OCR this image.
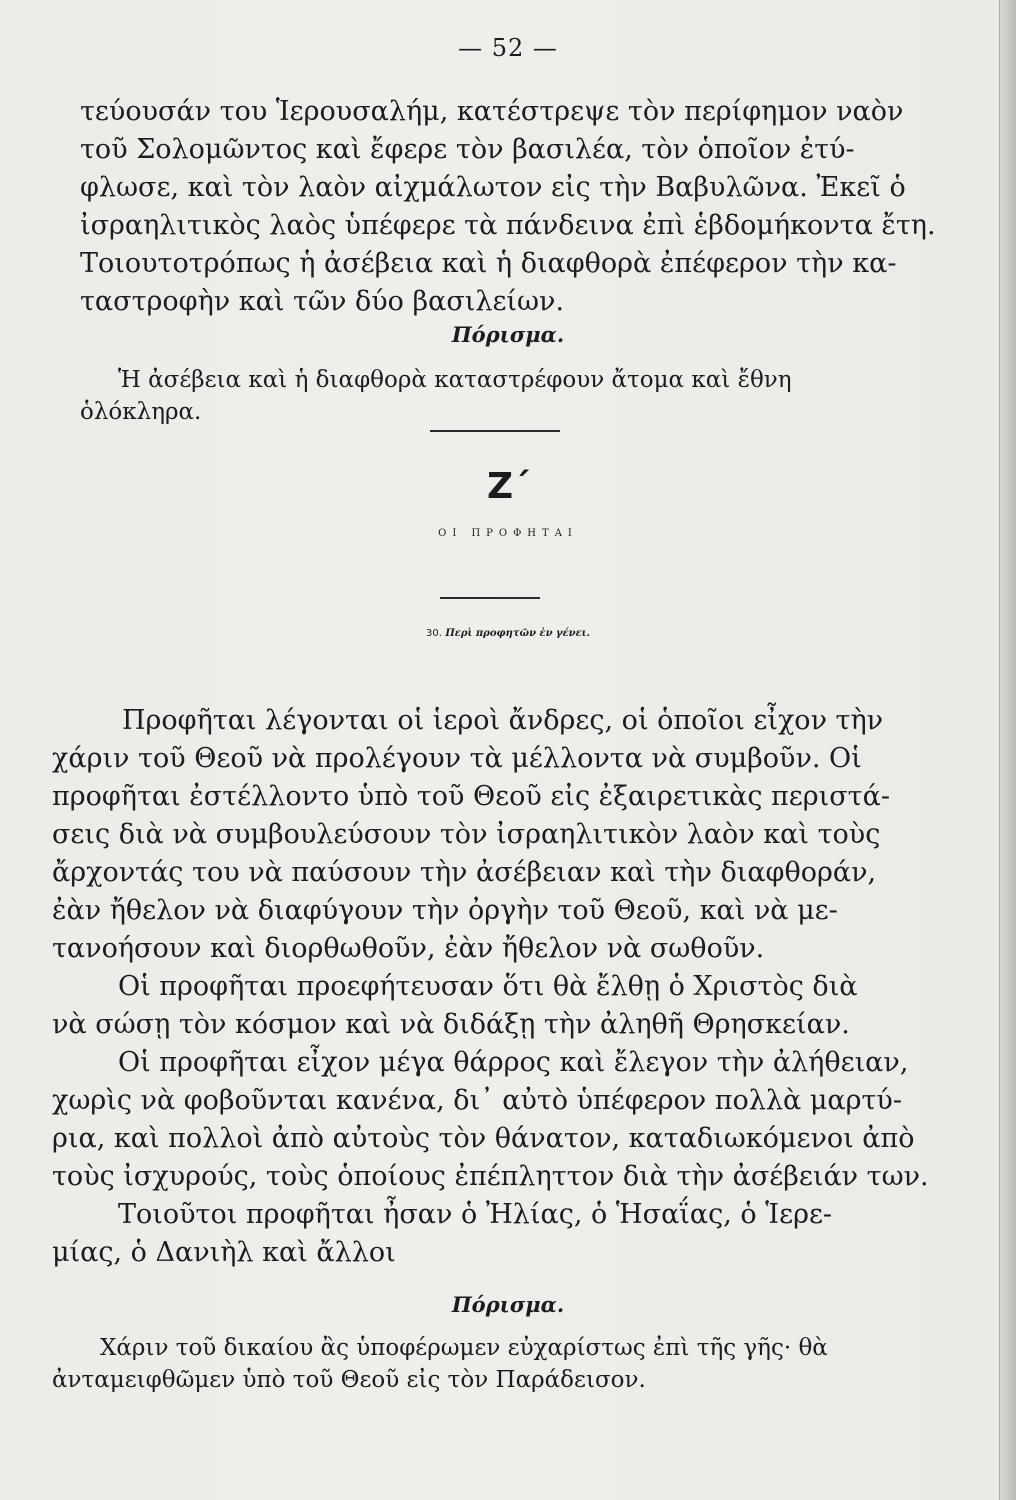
— 52 —
τεύουσάν του Ἱερουσαλήμ, κατέστρεψε τὸν περίφημον ναὸν
τοῦ Σολομῶντος καὶ ἔφερε τὸν βασιλέα, τὸν ὁποῖον ἐτύ-
φλωσε, καὶ τὸν λαὸν αἰχμάλωτον εἰς τὴν Βαβυλῶνα. Ἐκεῖ ὁ
ἰσραηλιτικὸς λαὸς ὑπέφερε τὰ πάνδεινα ἐπὶ ἑβδομήκοντα ἔτη.
Τοιουτοτρόπως ἡ ἀσέβεια καὶ ἡ διαφθορὰ ἐπέφερον τὴν κα-
ταστροφὴν καὶ τῶν δύο βασιλείων.
Πόρισμα.
Ἡ ἀσέβεια καὶ ἡ διαφθορὰ καταστρέφουν ἄτομα καὶ ἔθνη
ὁλόκληρα.
Ζ΄
ΟΙ ΠΡΟΦΗΤΑΙ
30. Περὶ προφητῶν ἐν γένει.
Προφῆται λέγονται οἱ ἱεροὶ ἄνδρες, οἱ ὁποῖοι εἶχον τὴν
χάριν τοῦ Θεοῦ νὰ προλέγουν τὰ μέλλοντα νὰ συμβοῦν. Οἱ
προφῆται ἐστέλλοντο ὑπὸ τοῦ Θεοῦ εἰς ἐξαιρετικὰς περιστά-
σεις διὰ νὰ συμβουλεύσουν τὸν ἰσραηλιτικὸν λαὸν καὶ τοὺς
ἄρχοντάς του νὰ παύσουν τὴν ἀσέβειαν καὶ τὴν διαφθοράν,
ἐὰν ἤθελον νὰ διαφύγουν τὴν ὀργὴν τοῦ Θεοῦ, καὶ νὰ με-
τανοήσουν καὶ διορθωθοῦν, ἐὰν ἤθελον νὰ σωθοῦν.
Οἱ προφῆται προεφήτευσαν ὅτι θὰ ἔλθῃ ὁ Χριστὸς διὰ
νὰ σώσῃ τὸν κόσμον καὶ νὰ διδάξῃ τὴν ἀληθῆ Θρησκείαν.
Οἱ προφῆται εἶχον μέγα θάρρος καὶ ἔλεγον τὴν ἀλήθειαν,
χωρὶς νὰ φοβοῦνται κανένα, δι᾿ αὐτὸ ὑπέφερον πολλὰ μαρτύ-
ρια, καὶ πολλοὶ ἀπὸ αὐτοὺς τὸν θάνατον, καταδιωκόμενοι ἀπὸ
τοὺς ἰσχυρούς, τοὺς ὁποίους ἐπέπληττον διὰ τὴν ἀσέβειάν των.
Τοιοῦτοι προφῆται ἦσαν ὁ Ἠλίας, ὁ Ἡσαΐας, ὁ Ἱερε-
μίας, ὁ Δανιὴλ καὶ ἄλλοι
Πόρισμα.
Χάριν τοῦ δικαίου ἂς ὑποφέρωμεν εὐχαρίστως ἐπὶ τῆς γῆς· θὰ
ἀνταμειφθῶμεν ὑπὸ τοῦ Θεοῦ εἰς τὸν Παράδεισον.
